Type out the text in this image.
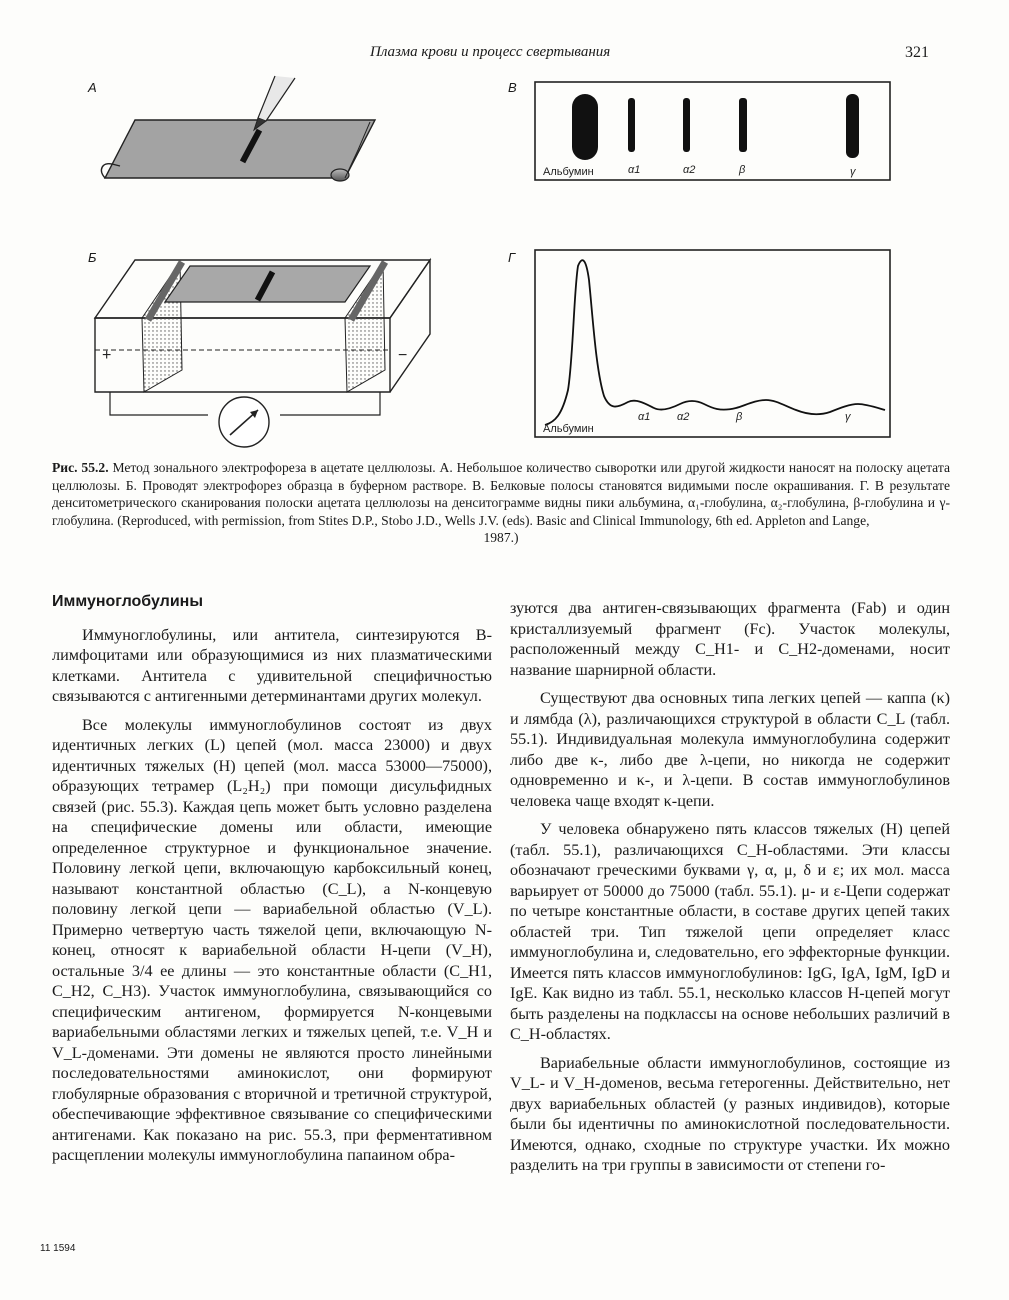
Плазма крови и процесс свертывания	321
А
Б
В
Г
+	−
Альбумин	α1	α2	β	γ
Альбумин
α1 α2	β	γ
Рис. 55.2. Метод зонального электрофореза в ацетате целлюлозы. А. Небольшое количество сыворотки или другой жидкости наносят на полоску ацетата целлюлозы. Б. Проводят электрофорез образца в буферном растворе. В. Белковые полосы становятся видимыми после окрашивания. Г. В результате денситометрического сканирования полоски ацетата целлюлозы на денситограмме видны пики альбумина, α₁-глобулина, α₂-глобулина, β-глобулина и γ-глобулина. (Reproduced, with permission, from Stites D.P., Stobo J.D., Wells J.V. (eds). Basic and Clinical Immunology, 6th ed. Appleton and Lange,
1987.)
Иммуноглобулины

Иммуноглобулины, или антитела, синтезируются В-лимфоцитами или образующимися из них плазматическими клетками. Антитела с удивительной специфичностью связываются с антигенными детерминантами других молекул.

Все молекулы иммуноглобулинов состоят из двух идентичных легких (L) цепей (мол. масса 23000) и двух идентичных тяжелых (Н) цепей (мол. масса 53000—75000), образующих тетрамер (L₂H₂) при помощи дисульфидных связей (рис. 55.3). Каждая цепь может быть условно разделена на специфические домены или области, имеющие определенное структурное и функциональное значение. Половину легкой цепи, включающую карбоксильный конец, называют константной областью (C_L), а N-концевую половину легкой цепи — вариабельной областью (V_L). Примерно четвертую часть тяжелой цепи, включающую N-конец, относят к вариабельной области Н-цепи (V_H), остальные 3/4 ее длины — это константные области (C_H1, C_H2, C_H3). Участок иммуноглобулина, связывающийся со специфическим антигеном, формируется N-концевыми вариабельными областями легких и тяжелых цепей, т.е. V_H и V_L-доменами. Эти домены не являются просто линейными последовательностями аминокислот, они формируют глобулярные образования с вторичной и третичной структурой, обеспечивающие эффективное связывание со специфическими антигенами. Как показано на рис. 55.3, при ферментативном расщеплении молекулы иммуноглобулина папаином обра-

зуются два антиген-связывающих фрагмента (Fab) и один кристаллизуемый фрагмент (Fc). Участок молекулы, расположенный между C_H1- и C_H2-доменами, носит название шарнирной области.

Существуют два основных типа легких цепей — каппа (κ) и лямбда (λ), различающихся структурой в области C_L (табл. 55.1). Индивидуальная молекула иммуноглобулина содержит либо две κ-, либо две λ-цепи, но никогда не содержит одновременно и κ-, и λ-цепи. В состав иммуноглобулинов человека чаще входят κ-цепи.

У человека обнаружено пять классов тяжелых (Н) цепей (табл. 55.1), различающихся C_H-областями. Эти классы обозначают греческими буквами γ, α, μ, δ и ε; их мол. масса варьирует от 50000 до 75000 (табл. 55.1). μ- и ε-Цепи содержат по четыре константные области, в составе других цепей таких областей три. Тип тяжелой цепи определяет класс иммуноглобулина и, следовательно, его эффекторные функции. Имеется пять классов иммуноглобулинов: IgG, IgA, IgM, IgD и IgE. Как видно из табл. 55.1, несколько классов Н-цепей могут быть разделены на подклассы на основе небольших различий в C_H-областях.

Вариабельные области иммуноглобулинов, состоящие из V_L- и V_H-доменов, весьма гетерогенны. Действительно, нет двух вариабельных областей (у разных индивидов), которые были бы идентичны по аминокислотной последовательности. Имеются, однако, сходные по структуре участки. Их можно разделить на три группы в зависимости от степени го-

11 1594
